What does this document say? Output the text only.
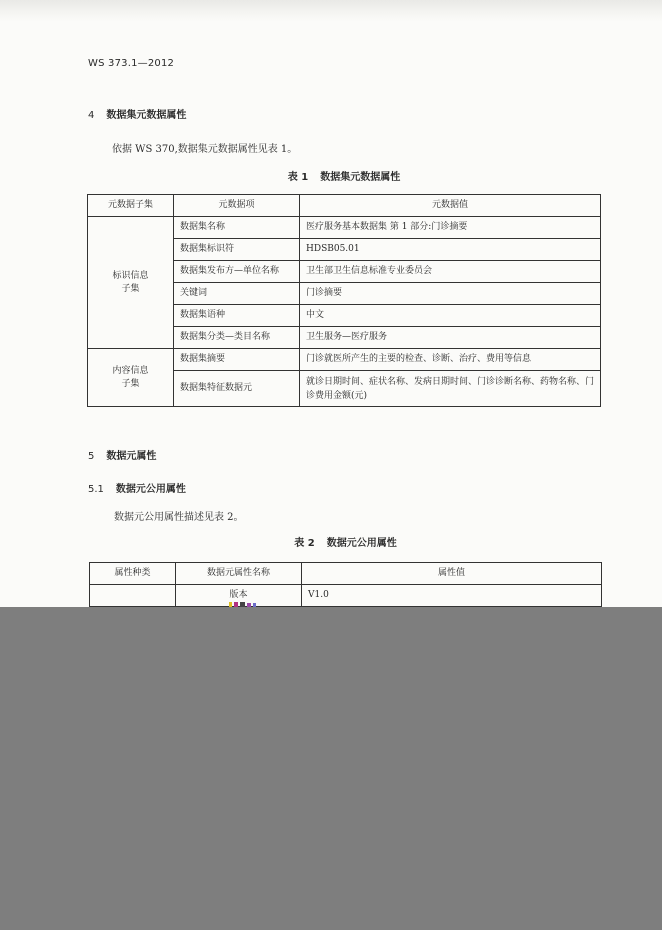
WS 373.1—2012
4 数据集元数据属性
依据 WS 370,数据集元数据属性见表 1。
表 1 数据集元数据属性
元数据子集	元数据项	元数据值

标识信息
子集	数据集名称	医疗服务基本数据集 第 1 部分:门诊摘要
	数据集标识符	HDSB05.01
	数据集发布方—单位名称	卫生部卫生信息标准专业委员会
	关键词	门诊摘要
	数据集语种	中文
	数据集分类—类目名称	卫生服务—医疗服务

内容信息
子集	数据集摘要	门诊就医所产生的主要的检查、诊断、治疗、费用等信息
	数据集特征数据元	就诊日期时间、症状名称、发病日期时间、门诊诊断名称、药物名称、门诊费用金额(元)
5 数据元属性
5.1 数据元公用属性
数据元公用属性描述见表 2。
表 2 数据元公用属性
属性种类	数据元属性名称	属性值
	版本	V1.0
